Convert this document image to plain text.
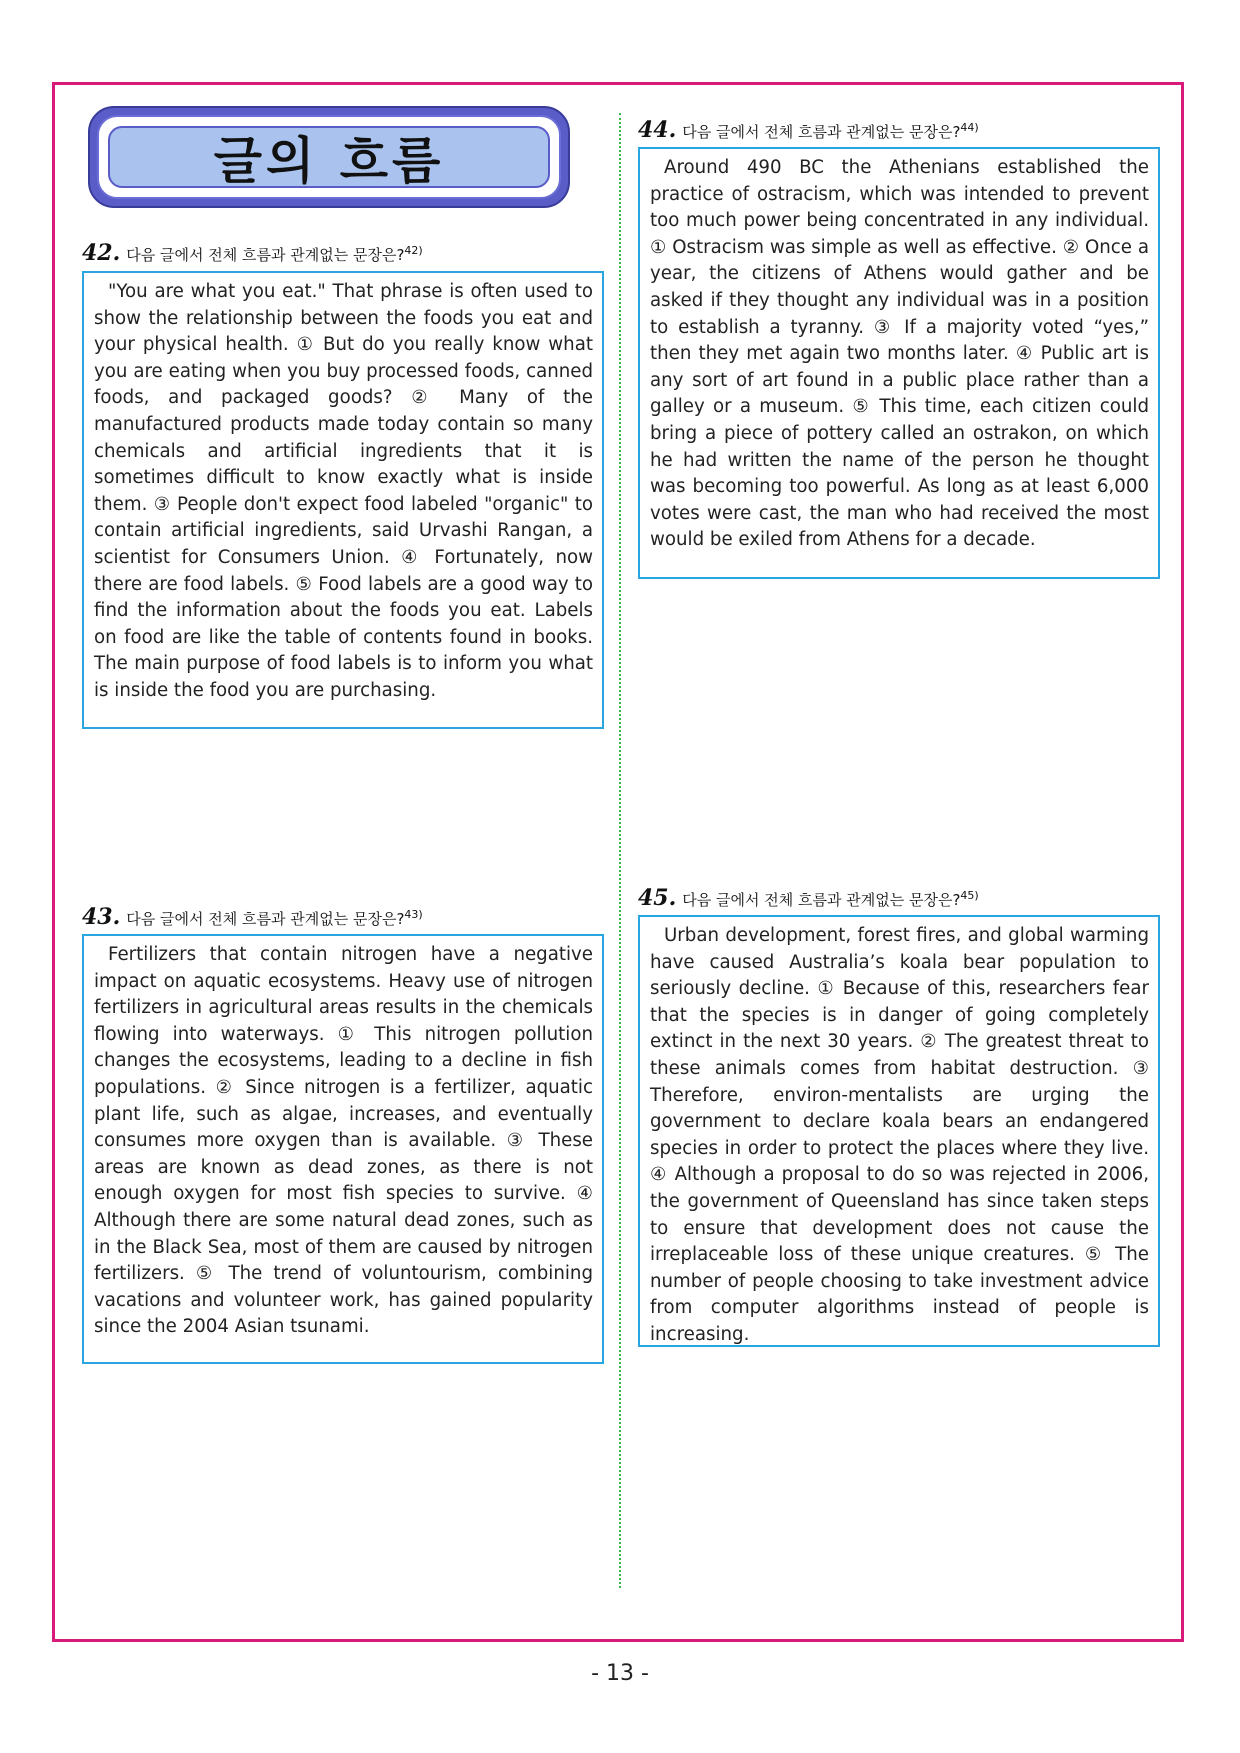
글의 흐름
42. 다음 글에서 전체 흐름과 관계없는 문장은?$^{42)}$

"You are what you eat." That phrase is often used to show the relationship between the foods you eat and your physical health. ① But do you really know what you are eating when you buy processed foods, canned foods, and packaged goods? ② Many of the manufactured products made today contain so many chemicals and artificial ingredients that it is sometimes difficult to know exactly what is inside them. ③ People don't expect food labeled "organic" to contain artificial ingredients, said Urvashi Rangan, a scientist for Consumers Union. ④ Fortunately, now there are food labels. ⑤ Food labels are a good way to find the information about the foods you eat. Labels on food are like the table of contents found in books. The main purpose of food labels is to inform you what is inside the food you are purchasing.

43. 다음 글에서 전체 흐름과 관계없는 문장은?$^{43)}$

Fertilizers that contain nitrogen have a negative impact on aquatic ecosystems. Heavy use of nitrogen fertilizers in agricultural areas results in the chemicals flowing into waterways. ① This nitrogen pollution changes the ecosystems, leading to a decline in fish populations. ② Since nitrogen is a fertilizer, aquatic plant life, such as algae, increases, and eventually consumes more oxygen than is available. ③ These areas are known as dead zones, as there is not enough oxygen for most fish species to survive. ④ Although there are some natural dead zones, such as in the Black Sea, most of them are caused by nitrogen fertilizers. ⑤ The trend of voluntourism, combining vacations and volunteer work, has gained popularity since the 2004 Asian tsunami.

44. 다음 글에서 전체 흐름과 관계없는 문장은?$^{44)}$

Around 490 BC the Athenians established the practice of ostracism, which was intended to prevent too much power being concentrated in any individual. ① Ostracism was simple as well as effective. ② Once a year, the citizens of Athens would gather and be asked if they thought any individual was in a position to establish a tyranny. ③ If a majority voted “yes,” then they met again two months later. ④ Public art is any sort of art found in a public place rather than a galley or a museum. ⑤ This time, each citizen could bring a piece of pottery called an ostrakon, on which he had written the name of the person he thought was becoming too powerful. As long as at least 6,000 votes were cast, the man who had received the most would be exiled from Athens for a decade.

45. 다음 글에서 전체 흐름과 관계없는 문장은?$^{45)}$

Urban development, forest fires, and global warming have caused Australia’s koala bear population to seriously decline. ① Because of this, researchers fear that the species is in danger of going completely extinct in the next 30 years. ② The greatest threat to these animals comes from habitat destruction. ③ Therefore, environ-mentalists are urging the government to declare koala bears an endangered species in order to protect the places where they live. ④ Although a proposal to do so was rejected in 2006, the government of Queensland has since taken steps to ensure that development does not cause the irreplaceable loss of these unique creatures. ⑤ The number of people choosing to take investment advice from computer algorithms instead of people is increasing.

- 13 -
